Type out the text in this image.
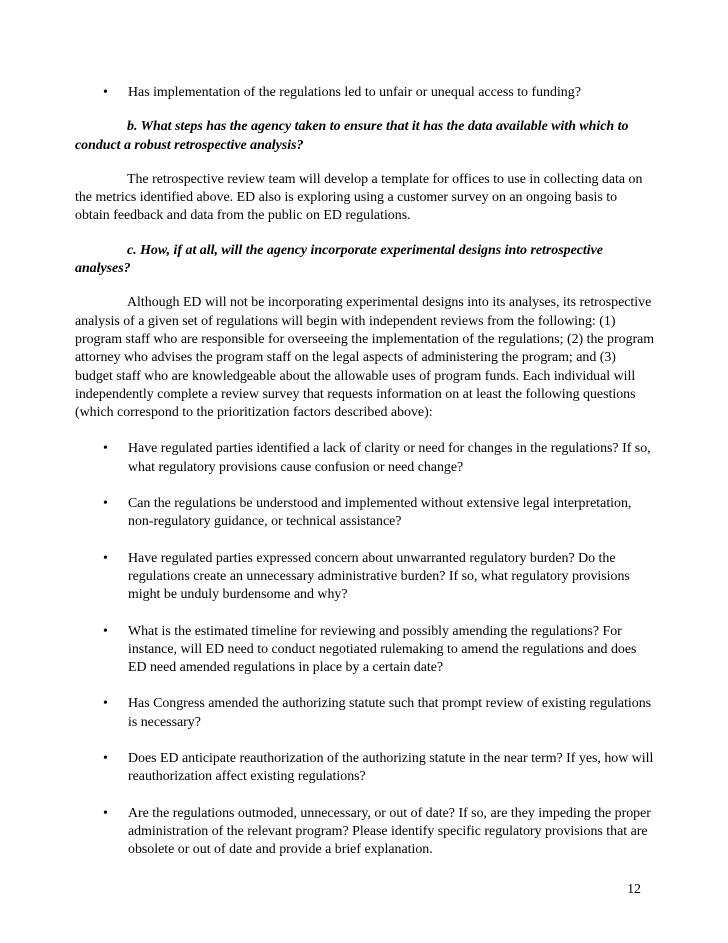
• Has implementation of the regulations led to unfair or unequal access to funding?

b. What steps has the agency taken to ensure that it has the data available with which to conduct a robust retrospective analysis?

The retrospective review team will develop a template for offices to use in collecting data on the metrics identified above. ED also is exploring using a customer survey on an ongoing basis to obtain feedback and data from the public on ED regulations.

c. How, if at all, will the agency incorporate experimental designs into retrospective analyses?

Although ED will not be incorporating experimental designs into its analyses, its retrospective analysis of a given set of regulations will begin with independent reviews from the following: (1) program staff who are responsible for overseeing the implementation of the regulations; (2) the program attorney who advises the program staff on the legal aspects of administering the program; and (3) budget staff who are knowledgeable about the allowable uses of program funds. Each individual will independently complete a review survey that requests information on at least the following questions (which correspond to the prioritization factors described above):

• Have regulated parties identified a lack of clarity or need for changes in the regulations? If so, what regulatory provisions cause confusion or need change?

• Can the regulations be understood and implemented without extensive legal interpretation, non-regulatory guidance, or technical assistance?

• Have regulated parties expressed concern about unwarranted regulatory burden? Do the regulations create an unnecessary administrative burden? If so, what regulatory provisions might be unduly burdensome and why?

• What is the estimated timeline for reviewing and possibly amending the regulations? For instance, will ED need to conduct negotiated rulemaking to amend the regulations and does ED need amended regulations in place by a certain date?

• Has Congress amended the authorizing statute such that prompt review of existing regulations is necessary?

• Does ED anticipate reauthorization of the authorizing statute in the near term? If yes, how will reauthorization affect existing regulations?

• Are the regulations outmoded, unnecessary, or out of date? If so, are they impeding the proper administration of the relevant program? Please identify specific regulatory provisions that are obsolete or out of date and provide a brief explanation.

12
